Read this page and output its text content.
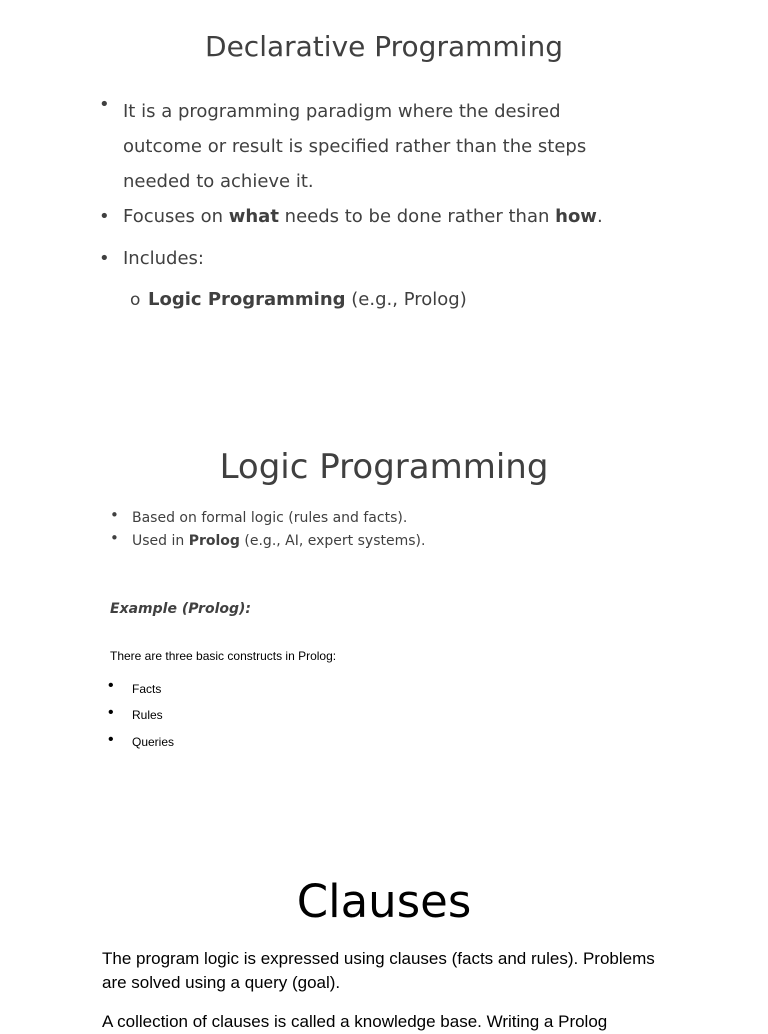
Declarative Programming
• It is a programming paradigm where the desired
outcome or result is specified rather than the steps
needed to achieve it.
• Focuses on what needs to be done rather than how.
• Includes:
o Logic Programming (e.g., Prolog)
Logic Programming
• Based on formal logic (rules and facts).
• Used in Prolog (e.g., AI, expert systems).
Example (Prolog):
There are three basic constructs in Prolog:
• Facts
• Rules
• Queries
Clauses
The program logic is expressed using clauses (facts and rules). Problems
are solved using a query (goal).
A collection of clauses is called a knowledge base. Writing a Prolog
